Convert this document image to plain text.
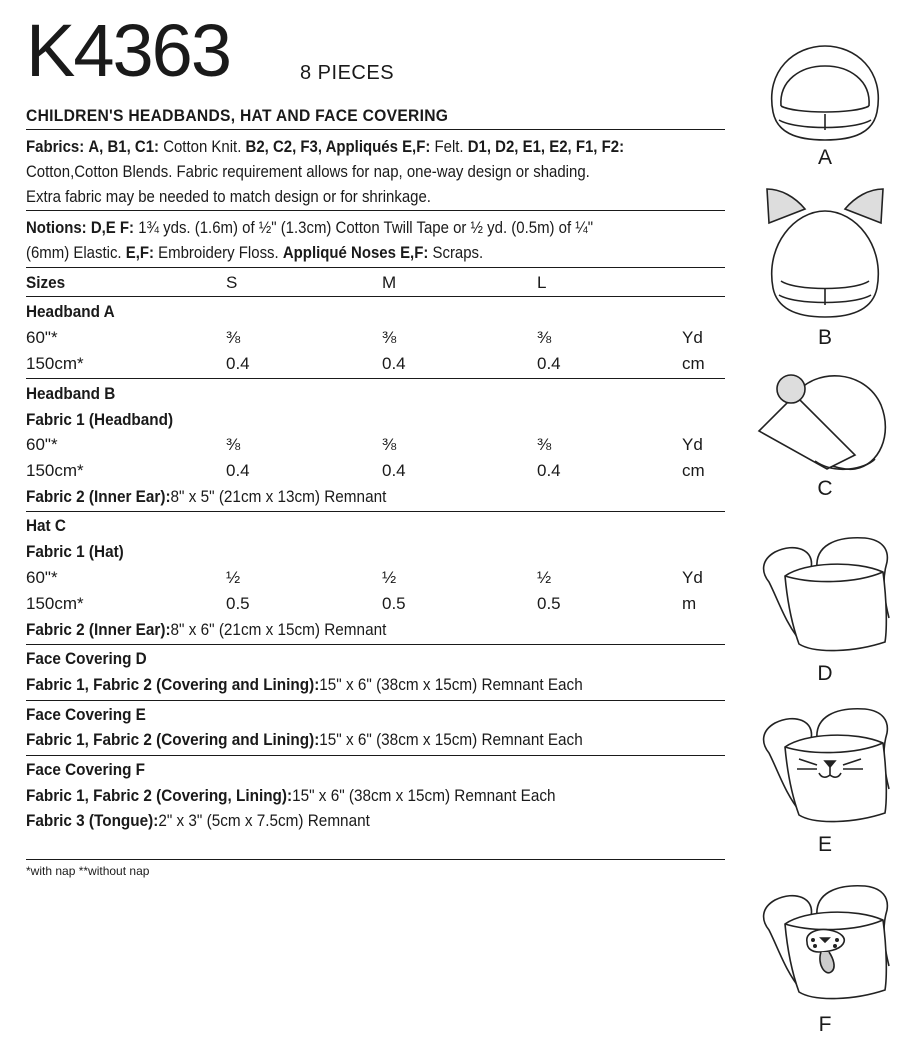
K4363	8 PIECES
CHILDREN'S HEADBANDS, HAT AND FACE COVERING
Fabrics: A, B1, C1: Cotton Knit. B2, C2, F3, Appliqués E,F: Felt. D1, D2, E1, E2, F1, F2:
Cotton,Cotton Blends. Fabric requirement allows for nap, one-way design or shading.
Extra fabric may be needed to match design or for shrinkage.
Notions: D,E F: 1¾ yds. (1.6m) of ½" (1.3cm) Cotton Twill Tape or ½ yd. (0.5m) of ¼"
(6mm) Elastic. E,F: Embroidery Floss. Appliqué Noses E,F: Scraps.
Sizes	S	M	L
Headband A
60"*	⅜	⅜	⅜	Yd
150cm*	0.4	0.4	0.4	cm
Headband B
Fabric 1 (Headband)
60"*	⅜	⅜	⅜	Yd
150cm*	0.4	0.4	0.4	cm
Fabric 2 (Inner Ear): 8" x 5" (21cm x 13cm) Remnant
Hat C
Fabric 1 (Hat)
60"*	½	½	½	Yd
150cm*	0.5	0.5	0.5	m
Fabric 2 (Inner Ear): 8" x 6" (21cm x 15cm) Remnant
Face Covering D
Fabric 1, Fabric 2 (Covering and Lining): 15" x 6" (38cm x 15cm) Remnant Each
Face Covering E
Fabric 1, Fabric 2 (Covering and Lining): 15" x 6" (38cm x 15cm) Remnant Each
Face Covering F
Fabric 1, Fabric 2 (Covering, Lining): 15" x 6" (38cm x 15cm) Remnant Each
Fabric 3 (Tongue): 2" x 3" (5cm x 7.5cm) Remnant
*with nap **without nap
A
B
C
D
E
F
